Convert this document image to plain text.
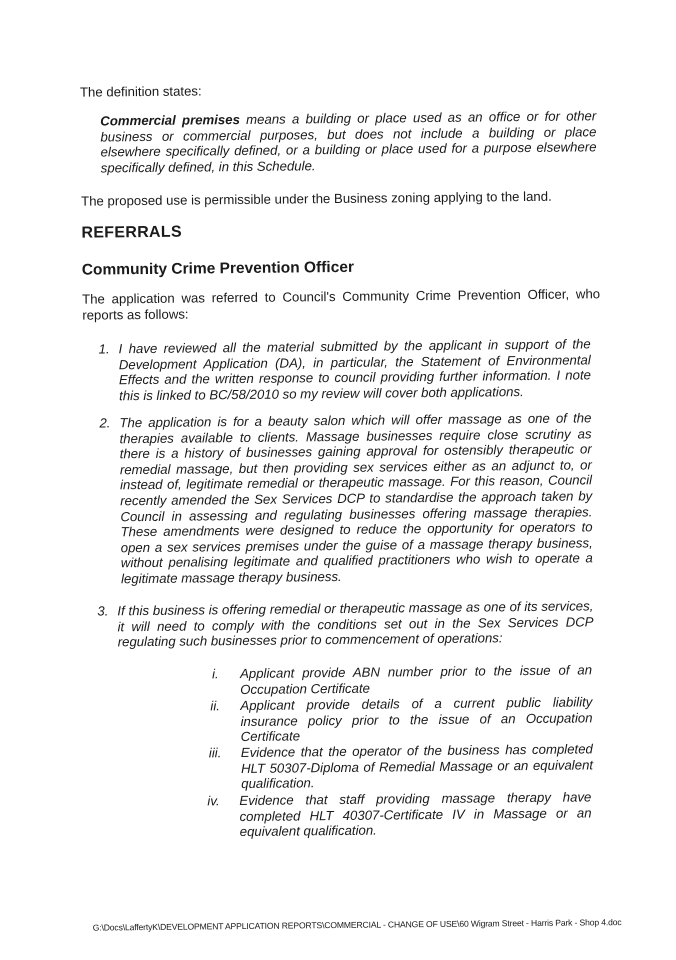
The definition states:
Commercial premises means a building or place used as an office or for other business or commercial purposes, but does not include a building or place elsewhere specifically defined, or a building or place used for a purpose elsewhere specifically defined, in this Schedule.
The proposed use is permissible under the Business zoning applying to the land.
REFERRALS
Community Crime Prevention Officer
The application was referred to Council's Community Crime Prevention Officer, who reports as follows:
1. I have reviewed all the material submitted by the applicant in support of the Development Application (DA), in particular, the Statement of Environmental Effects and the written response to council providing further information. I note this is linked to BC/58/2010 so my review will cover both applications.
2. The application is for a beauty salon which will offer massage as one of the therapies available to clients. Massage businesses require close scrutiny as there is a history of businesses gaining approval for ostensibly therapeutic or remedial massage, but then providing sex services either as an adjunct to, or instead of, legitimate remedial or therapeutic massage. For this reason, Council recently amended the Sex Services DCP to standardise the approach taken by Council in assessing and regulating businesses offering massage therapies. These amendments were designed to reduce the opportunity for operators to open a sex services premises under the guise of a massage therapy business, without penalising legitimate and qualified practitioners who wish to operate a legitimate massage therapy business.
3. If this business is offering remedial or therapeutic massage as one of its services, it will need to comply with the conditions set out in the Sex Services DCP regulating such businesses prior to commencement of operations:
i. Applicant provide ABN number prior to the issue of an Occupation Certificate
ii. Applicant provide details of a current public liability insurance policy prior to the issue of an Occupation Certificate
iii. Evidence that the operator of the business has completed HLT 50307-Diploma of Remedial Massage or an equivalent qualification.
iv. Evidence that staff providing massage therapy have completed HLT 40307-Certificate IV in Massage or an equivalent qualification.
G:\Docs\LaffertyK\DEVELOPMENT APPLICATION REPORTS\COMMERCIAL - CHANGE OF USE\60 Wigram Street - Harris Park - Shop 4.doc
